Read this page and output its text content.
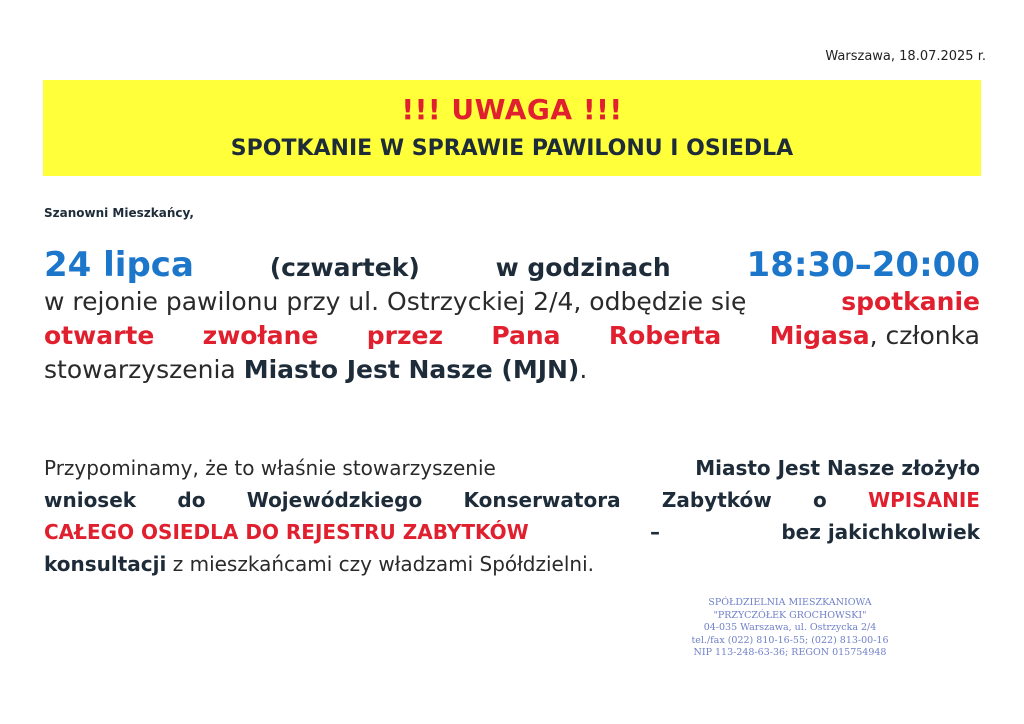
Warszawa, 18.07.2025 r.
!!! UWAGA !!!
SPOTKANIE W SPRAWIE PAWILONU I OSIEDLA
Szanowni Mieszkańcy,
24 lipca	(czwartek)	w godzinach 18:30–20:00
w rejonie pawilonu przy ul. Ostrzyckiej 2/4, odbędzie się	spotkanie
otwarte zwołane przez Pana Roberta Migasa, członka
stowarzyszenia Miasto Jest Nasze (MJN).
Przypominamy, że to właśnie stowarzyszenie	Miasto Jest Nasze złożyło
wniosek do Wojewódzkiego Konserwatora Zabytków o WPISANIE
CAŁEGO OSIEDLA DO REJESTRU ZABYTKÓW	–	bez jakichkolwiek
konsultacji z mieszkańcami czy władzami Spółdzielni.
SPÓŁDZIELNIA MIESZKANIOWA
"PRZYCZÓŁEK GROCHOWSKI"
04-035 Warszawa, ul. Ostrzycka 2/4
tel./fax (022) 810-16-55; (022) 813-00-16
NIP 113-248-63-36; REGON 015754948
